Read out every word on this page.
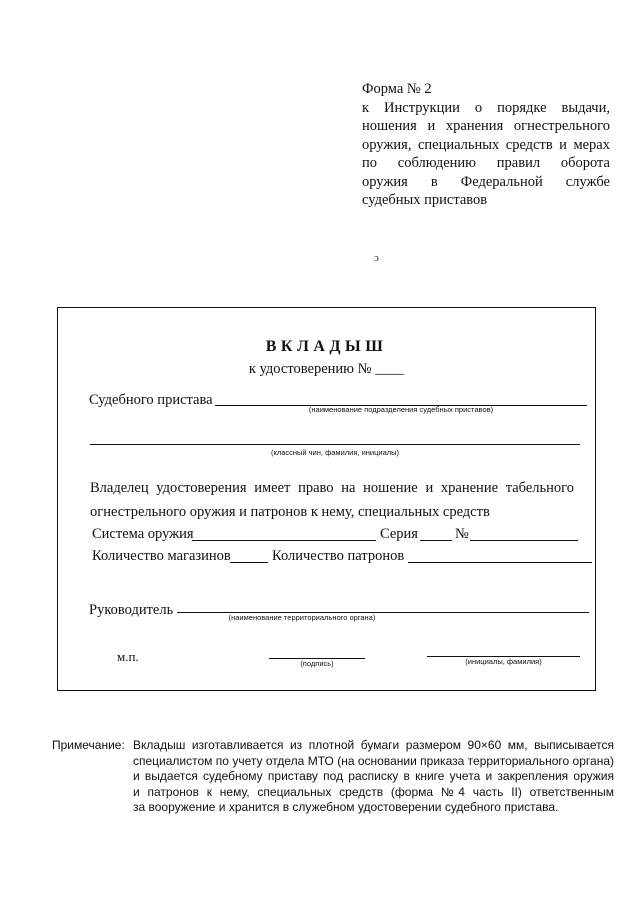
Форма № 2
к Инструкции о порядке выдачи,
ношения и хранения огнестрельного
оружия, специальных средств и мерах
по соблюдению правил оборота
оружия в Федеральной службе
судебных приставов
ɔ
ВКЛАДЫШ
к удостоверению № ____
Судебного пристава
(наименование подразделения судебных приставов)
(классный чин, фамилия, инициалы)
Владелец удостоверения имеет право на ношение и хранение табельного
огнестрельного оружия и патронов к нему, специальных средств
Система оружия	Серия	№
Количество магазинов	Количество патронов
Руководитель	(наименование территориального органа)
м.п.	(подпись)	(инициалы, фамилия)
Примечание: Вкладыш изготавливается из плотной бумаги размером 90×60 мм, выписывается
специалистом по учету отдела МТО (на основании приказа территориального органа)
и выдается судебному приставу под расписку в книге учета и закрепления оружия
и патронов к нему, специальных средств (форма №4 часть II) ответственным
за вооружение и хранится в служебном удостоверении судебного пристава.
